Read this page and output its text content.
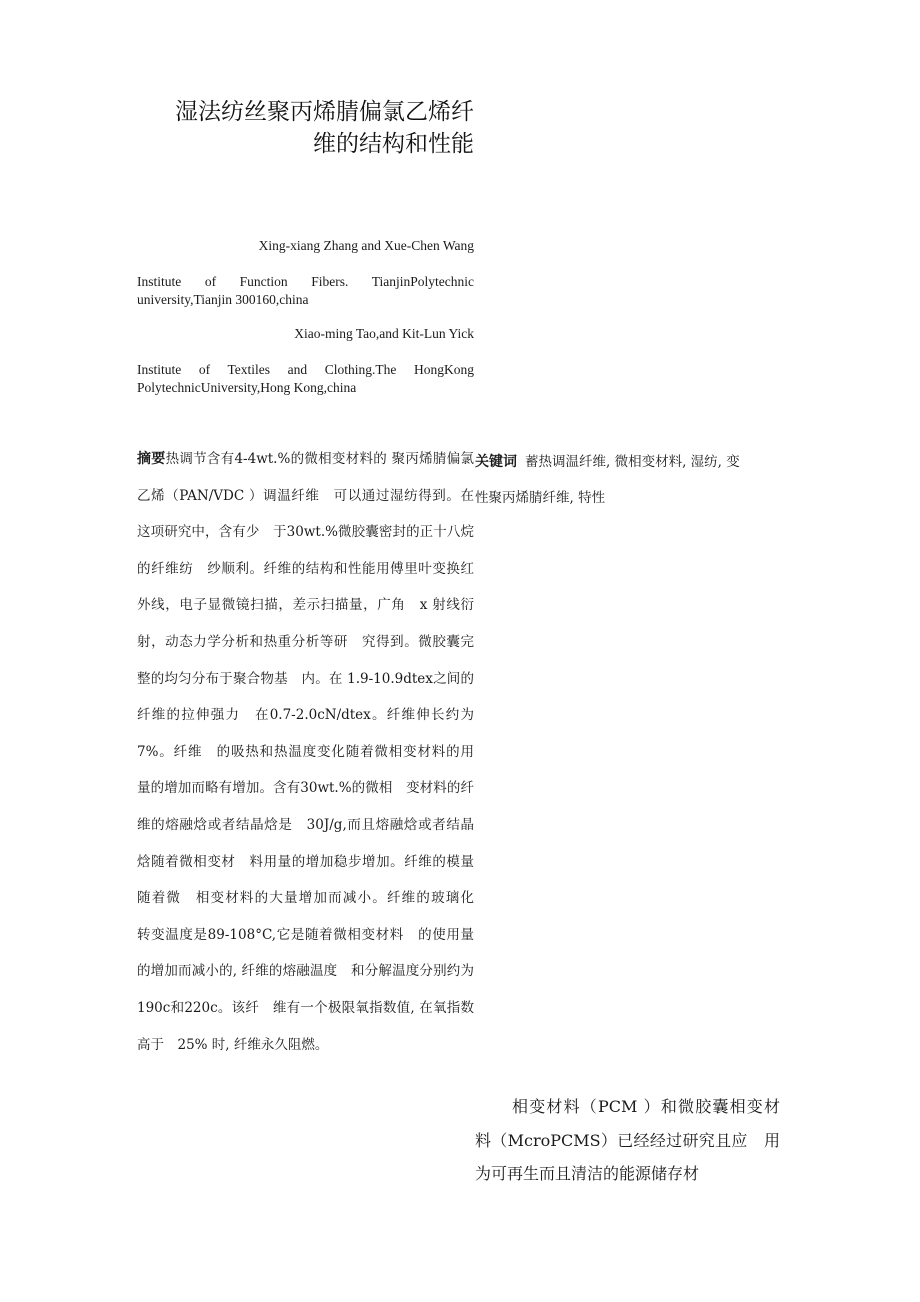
湿法纺丝聚丙烯腈偏氯乙烯纤
维的结构和性能
Xing-xiang Zhang and Xue-Chen Wang
Institute of Function Fibers. TianjinPolytechnic university,Tianjin 300160,china
Xiao-ming Tao,and Kit-Lun Yick
Institute of Textiles and Clothing.The HongKong PolytechnicUniversity,Hong Kong,china
摘要热调节含有4-4wt.%的微相变材料的 聚丙烯腈偏氯乙烯（PAN/VDC ）调温纤维　可以通过湿纺得到。在这项研究中，含有少　于30wt.%微胶囊密封的正十八烷的纤维纺　纱顺利。纤维的结构和性能用傅里叶变换红　外线，电子显微镜扫描，差示扫描量，广角　x 射线衍射，动态力学分析和热重分析等研　究得到。微胶囊完整的均匀分布于聚合物基　内。在 1.9-10.9dtex之间的纤维的拉伸强力　在0.7-2.0cN/dtex。纤维伸长约为7%。纤维　的吸热和热温度变化随着微相变材料的用　量的增加而略有增加。含有30wt.%的微相　变材料的纤维的熔融焓或者结晶焓是　30J/g,而且熔融焓或者结晶焓随着微相变材　料用量的增加稳步增加。纤维的模量随着微　相变材料的大量增加而减小。纤维的玻璃化　转变温度是89-108°C,它是随着微相变材料　的使用量的增加而减小的, 纤维的熔融温度　和分解温度分别约为190c和220c。该纤　维有一个极限氧指数值, 在氧指数高于　25% 时, 纤维永久阻燃。
关键词 蓄热调温纤维, 微相变材料, 湿纺, 变性聚丙烯腈纤维, 特性
相变材料（PCM ）和微胶囊相变材料（McroPCMS）已经经过研究且应　用为可再生而且清洁的能源储存材
